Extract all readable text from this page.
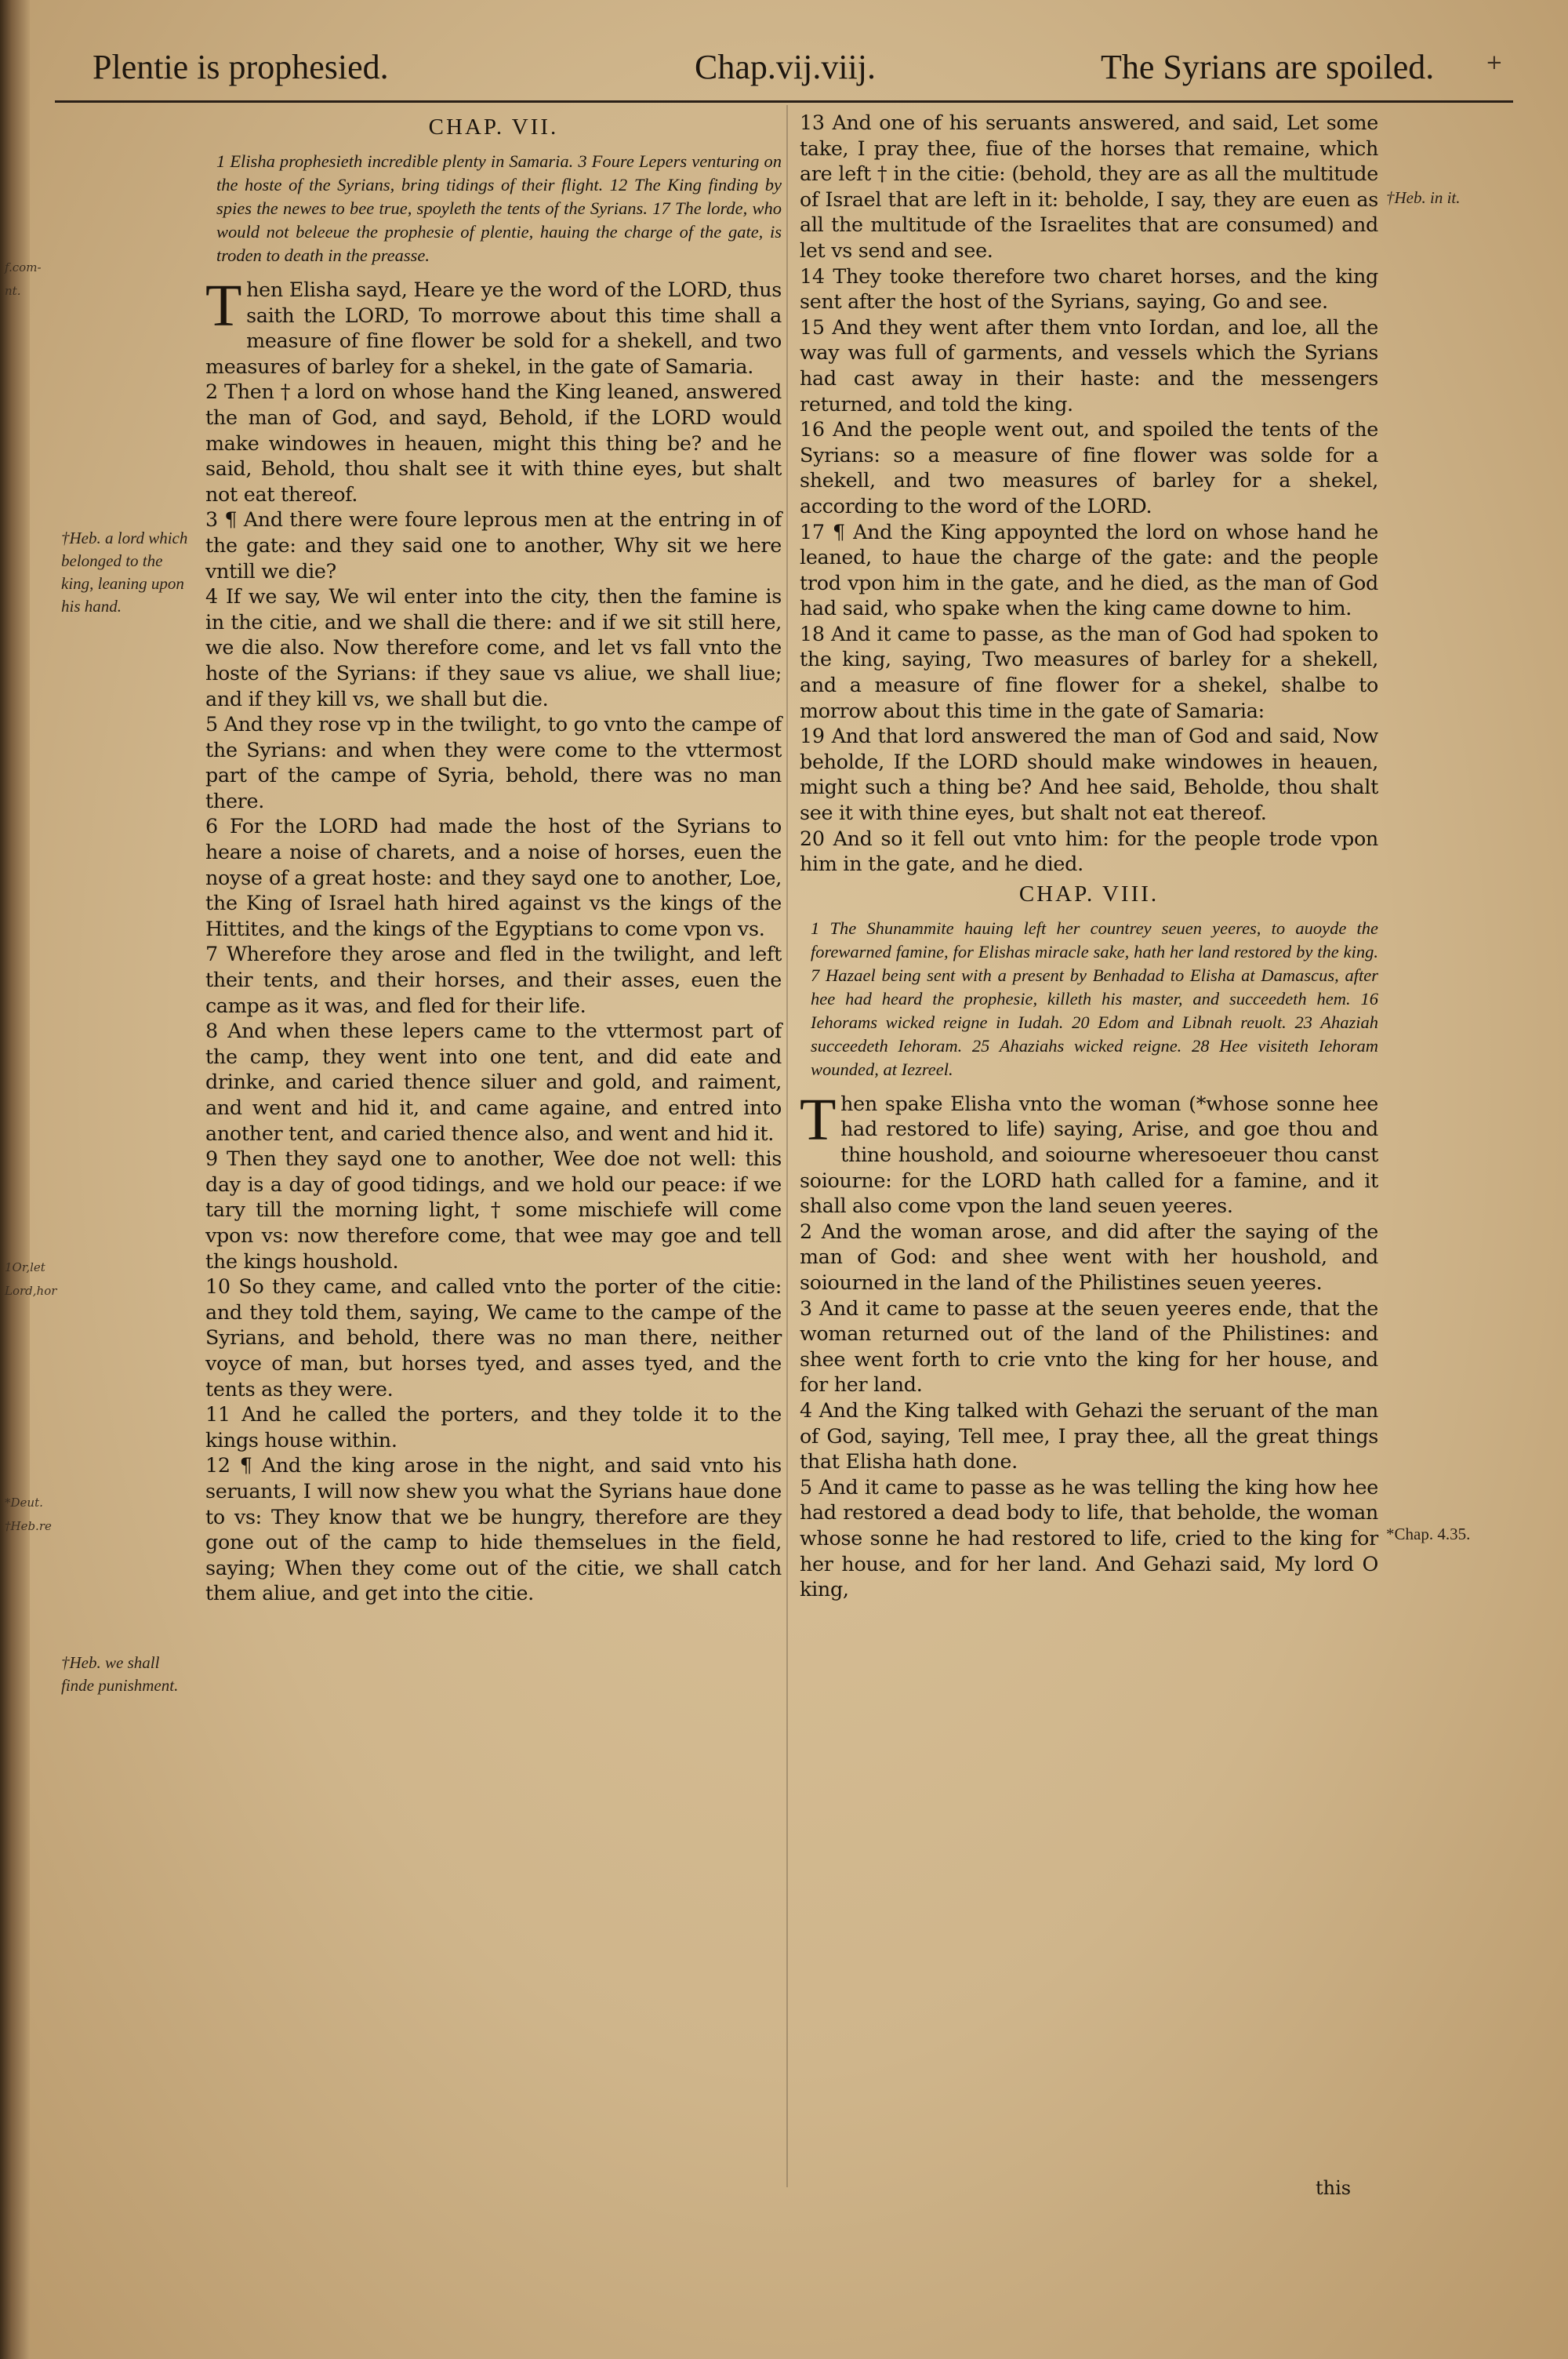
f.com-
nt.
1Or,let
Lord,hor
*Deut.
†Heb.re
Plentie is prophesied.	Chap.vij.viij.	The Syrians are spoiled.	+
†Heb. a lord which belonged to the king, leaning upon his hand.
†Heb. we shall finde punishment.
†Heb. in it.
*Chap. 4.35.
CHAP. VII.
1 Elisha prophesieth incredible plenty in Samaria. 3 Foure Lepers venturing on the hoste of the Syrians, bring tidings of their flight. 12 The King finding by spies the newes to bee true, spoyleth the tents of the Syrians. 17 The lorde, who would not beleeue the prophesie of plentie, hauing the charge of the gate, is troden to death in the preasse.

Then Elisha sayd, Heare ye the word of the LORD, thus saith the LORD, To morrowe about this time shall a measure of fine flower be sold for a shekell, and two measures of barley for a shekel, in the gate of Samaria.

2 Then † a lord on whose hand the King leaned, answered the man of God, and sayd, Behold, if the LORD would make windowes in heauen, might this thing be? and he said, Behold, thou shalt see it with thine eyes, but shalt not eat thereof.

3 ¶ And there were foure leprous men at the entring in of the gate: and they said one to another, Why sit we here vntill we die?

4 If we say, We wil enter into the city, then the famine is in the citie, and we shall die there: and if we sit still here, we die also. Now therefore come, and let vs fall vnto the hoste of the Syrians: if they saue vs aliue, we shall liue; and if they kill vs, we shall but die.

5 And they rose vp in the twilight, to go vnto the campe of the Syrians: and when they were come to the vttermost part of the campe of Syria, behold, there was no man there.

6 For the LORD had made the host of the Syrians to heare a noise of charets, and a noise of horses, euen the noyse of a great hoste: and they sayd one to another, Loe, the King of Israel hath hired against vs the kings of the Hittites, and the kings of the Egyptians to come vpon vs.

7 Wherefore they arose and fled in the twilight, and left their tents, and their horses, and their asses, euen the campe as it was, and fled for their life.

8 And when these lepers came to the vttermost part of the camp, they went into one tent, and did eate and drinke, and caried thence siluer and gold, and raiment, and went and hid it, and came againe, and entred into another tent, and caried thence also, and went and hid it.

9 Then they sayd one to another, Wee doe not well: this day is a day of good tidings, and we hold our peace: if we tary till the morning light, † some mischiefe will come vpon vs: now therefore come, that wee may goe and tell the kings houshold.

10 So they came, and called vnto the porter of the citie: and they told them, saying, We came to the campe of the Syrians, and behold, there was no man there, neither voyce of man, but horses tyed, and asses tyed, and the tents as they were.

11 And he called the porters, and they tolde it to the kings house within.

12 ¶ And the king arose in the night, and said vnto his seruants, I will now shew you what the Syrians haue done to vs: They know that we be hungry, therefore are they gone out of the camp to hide themselues in the field, saying; When they come out of the citie, we shall catch them aliue, and get into the citie.

13 And one of his seruants answered, and said, Let some take, I pray thee, fiue of the horses that remaine, which are left † in the citie: (behold, they are as all the multitude of Israel that are left in it: beholde, I say, they are euen as all the multitude of the Israelites that are consumed) and let vs send and see.

14 They tooke therefore two charet horses, and the king sent after the host of the Syrians, saying, Go and see.

15 And they went after them vnto Iordan, and loe, all the way was full of garments, and vessels which the Syrians had cast away in their haste: and the messengers returned, and told the king.

16 And the people went out, and spoiled the tents of the Syrians: so a measure of fine flower was solde for a shekell, and two measures of barley for a shekel, according to the word of the LORD.

17 ¶ And the King appoynted the lord on whose hand he leaned, to haue the charge of the gate: and the people trod vpon him in the gate, and he died, as the man of God had said, who spake when the king came downe to him.

18 And it came to passe, as the man of God had spoken to the king, saying, Two measures of barley for a shekell, and a measure of fine flower for a shekel, shalbe to morrow about this time in the gate of Samaria:

19 And that lord answered the man of God and said, Now beholde, If the LORD should make windowes in heauen, might such a thing be? And hee said, Beholde, thou shalt see it with thine eyes, but shalt not eat thereof.

20 And so it fell out vnto him: for the people trode vpon him in the gate, and he died.

CHAP. VIII.
1 The Shunammite hauing left her countrey seuen yeeres, to auoyde the forewarned famine, for Elishas miracle sake, hath her land restored by the king. 7 Hazael being sent with a present by Benhadad to Elisha at Damascus, after hee had heard the prophesie, killeth his master, and succeedeth hem. 16 Iehorams wicked reigne in Iudah. 20 Edom and Libnah reuolt. 23 Ahaziah succeedeth Iehoram. 25 Ahaziahs wicked reigne. 28 Hee visiteth Iehoram wounded, at Iezreel.

Then spake Elisha vnto the woman (*whose sonne hee had restored to life) saying, Arise, and goe thou and thine houshold, and soiourne wheresoeuer thou canst soiourne: for the LORD hath called for a famine, and it shall also come vpon the land seuen yeeres.

2 And the woman arose, and did after the saying of the man of God: and shee went with her houshold, and soiourned in the land of the Philistines seuen yeeres.

3 And it came to passe at the seuen yeeres ende, that the woman returned out of the land of the Philistines: and shee went forth to crie vnto the king for her house, and for her land.

4 And the King talked with Gehazi the seruant of the man of God, saying, Tell mee, I pray thee, all the great things that Elisha hath done.

5 And it came to passe as he was telling the king how hee had restored a dead body to life, that beholde, the woman whose sonne he had restored to life, cried to the king for her house, and for her land. And Gehazi said, My lord O king,

this
